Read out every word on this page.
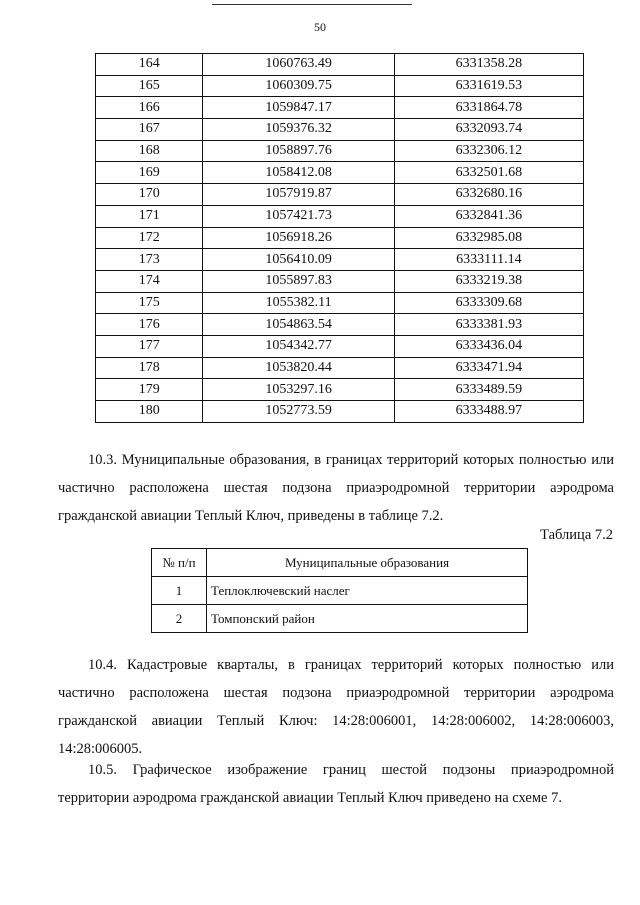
50
164	1060763.49	6331358.28
165	1060309.75	6331619.53
166	1059847.17	6331864.78
167	1059376.32	6332093.74
168	1058897.76	6332306.12
169	1058412.08	6332501.68
170	1057919.87	6332680.16
171	1057421.73	6332841.36
172	1056918.26	6332985.08
173	1056410.09	6333111.14
174	1055897.83	6333219.38
175	1055382.11	6333309.68
176	1054863.54	6333381.93
177	1054342.77	6333436.04
178	1053820.44	6333471.94
179	1053297.16	6333489.59
180	1052773.59	6333488.97
10.3. Муниципальные образования, в границах территорий которых полностью или частично расположена шестая подзона приаэродромной территории аэродрома гражданской авиации Теплый Ключ, приведены в таблице 7.2.
Таблица 7.2
№ п/п	Муниципальные образования
1	Теплоключевский наслег
2	Томпонский район
10.4. Кадастровые кварталы, в границах территорий которых полностью или частично расположена шестая подзона приаэродромной территории аэродрома гражданской авиации Теплый Ключ: 14:28:006001, 14:28:006002, 14:28:006003, 14:28:006005.
10.5. Графическое изображение границ шестой подзоны приаэродромной территории аэродрома гражданской авиации Теплый Ключ приведено на схеме 7.
